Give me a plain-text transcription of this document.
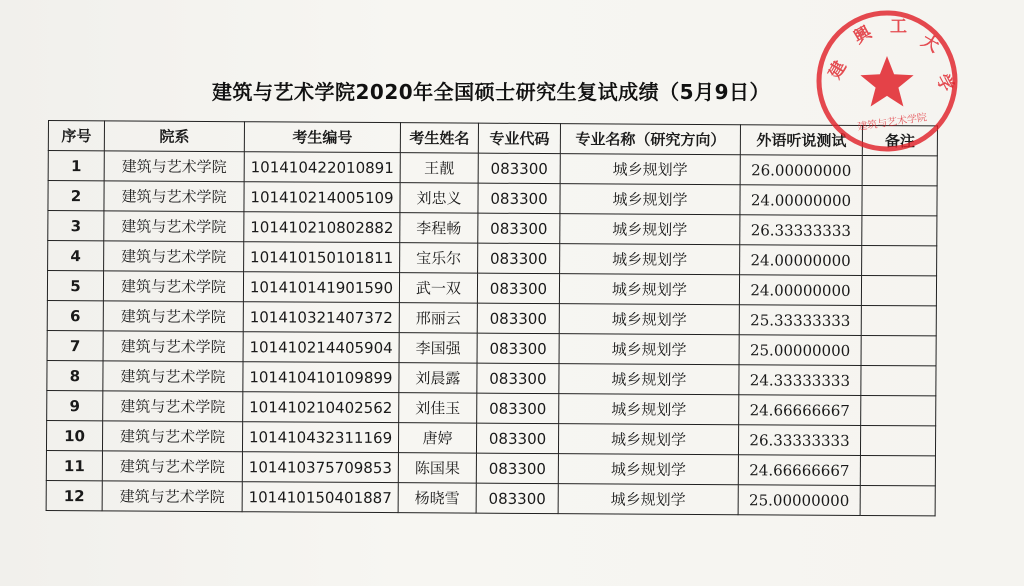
建筑与艺术学院2020年全国硕士研究生复试成绩（5月9日）
序号	院系	考生编号	考生姓名	专业代码	专业名称（研究方向）	外语听说测试	备注
1	建筑与艺术学院	101410422010891	王靓	083300	城乡规划学	26.00000000	
2	建筑与艺术学院	101410214005109	刘忠义	083300	城乡规划学	24.00000000	
3	建筑与艺术学院	101410210802882	李程畅	083300	城乡规划学	26.33333333	
4	建筑与艺术学院	101410150101811	宝乐尔	083300	城乡规划学	24.00000000	
5	建筑与艺术学院	101410141901590	武一双	083300	城乡规划学	24.00000000	
6	建筑与艺术学院	101410321407372	邢丽云	083300	城乡规划学	25.33333333	
7	建筑与艺术学院	101410214405904	李国强	083300	城乡规划学	25.00000000	
8	建筑与艺术学院	101410410109899	刘晨露	083300	城乡规划学	24.33333333	
9	建筑与艺术学院	101410210402562	刘佳玉	083300	城乡规划学	24.66666667	
10	建筑与艺术学院	101410432311169	唐婷	083300	城乡规划学	26.33333333	
11	建筑与艺术学院	101410375709853	陈国果	083300	城乡规划学	24.66666667	
12	建筑与艺术学院	101410150401887	杨晓雪	083300	城乡规划学	25.00000000	
建
興 工
大
学
建筑与艺术学院
